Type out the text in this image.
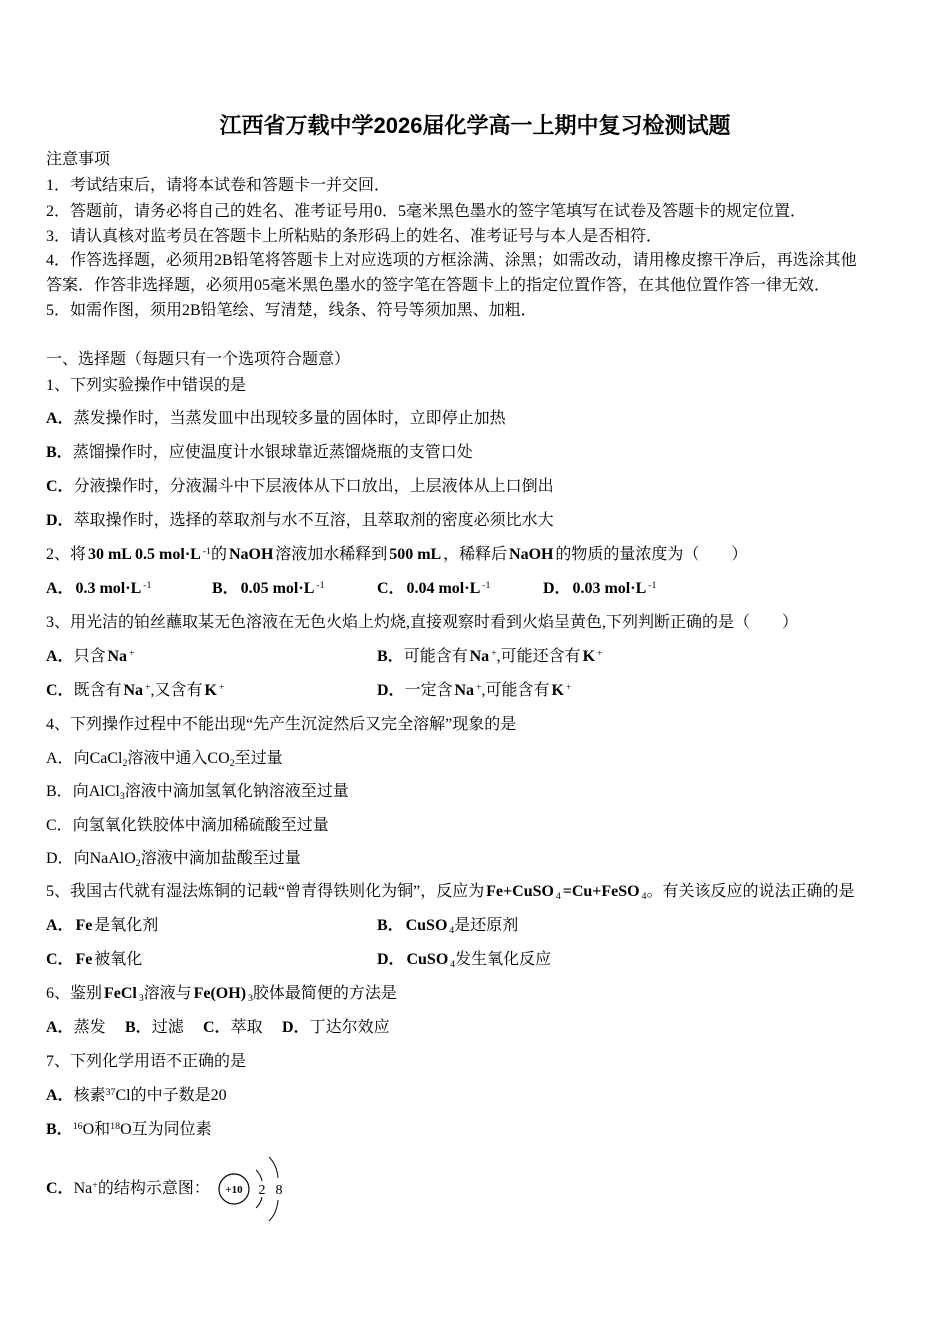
江西省万载中学2026届化学高一上期中复习检测试题
注意事项
1．考试结束后，请将本试卷和答题卡一并交回．
2．答题前，请务必将自己的姓名、准考证号用0．5毫米黑色墨水的签字笔填写在试卷及答题卡的规定位置．
3．请认真核对监考员在答题卡上所粘贴的条形码上的姓名、准考证号与本人是否相符．
4．作答选择题，必须用2B铅笔将答题卡上对应选项的方框涂满、涂黑；如需改动，请用橡皮擦干净后，再选涂其他
答案．作答非选择题，必须用05毫米黑色墨水的签字笔在答题卡上的指定位置作答，在其他位置作答一律无效．
5．如需作图，须用2B铅笔绘、写清楚，线条、符号等须加黑、加粗．
一、选择题（每题只有一个选项符合题意）
1、下列实验操作中错误的是
A．蒸发操作时，当蒸发皿中出现较多量的固体时，立即停止加热
B．蒸馏操作时，应使温度计水银球靠近蒸馏烧瓶的支管口处
C．分液操作时，分液漏斗中下层液体从下口放出，上层液体从上口倒出
D．萃取操作时，选择的萃取剂与水不互溶，且萃取剂的密度必须比水大
2、将 30 mL 0.5 mol·L $^{-1}$的 NaOH 溶液加水稀释到 500 mL ，稀释后 NaOH 的物质的量浓度为（　　）
A． 0.3 mol·L $^{-1}$	B． 0.05 mol·L $^{-1}$	C． 0.04 mol·L $^{-1}$	D． 0.03 mol·L $^{-1}$
3、用光洁的铂丝蘸取某无色溶液在无色火焰上灼烧,直接观察时看到火焰呈黄色,下列判断正确的是（　　）
A．只含 Na +	B．可能含有 Na +,可能还含有 K +
C．既含有 Na +,又含有 K +	D．一定含 Na +,可能含有 K +
4、下列操作过程中不能出现“先产生沉淀然后又完全溶解”现象的是
A．向CaCl$_2$溶液中通入$CO_2$至过量
B．向AlCl$_3$溶液中滴加氢氧化钠溶液至过量
C．向氢氧化铁胶体中滴加稀硫酸至过量
D．向NaAlO$_2$溶液中滴加盐酸至过量
5、我国古代就有湿法炼铜的记载“曾青得铁则化为铜”，反应为 Fe+CuSO $_4$ =Cu+FeSO $_4$。有关该反应的说法正确的是
A． Fe 是氧化剂	B． CuSO $_4$是还原剂
C． Fe 被氧化	D． CuSO $_4$发生氧化反应
6、鉴别 FeCl $_3$溶液与 Fe(OH) $_3$胶体最简便的方法是
A．蒸发 B．过滤 C．萃取 D．丁达尔效应
7、下列化学用语不正确的是
A．核素$^{37}$Cl的中子数是20
B．$^{16}$O和$^{18}$O互为同位素
C．Na+的结构示意图： +10 2 8
